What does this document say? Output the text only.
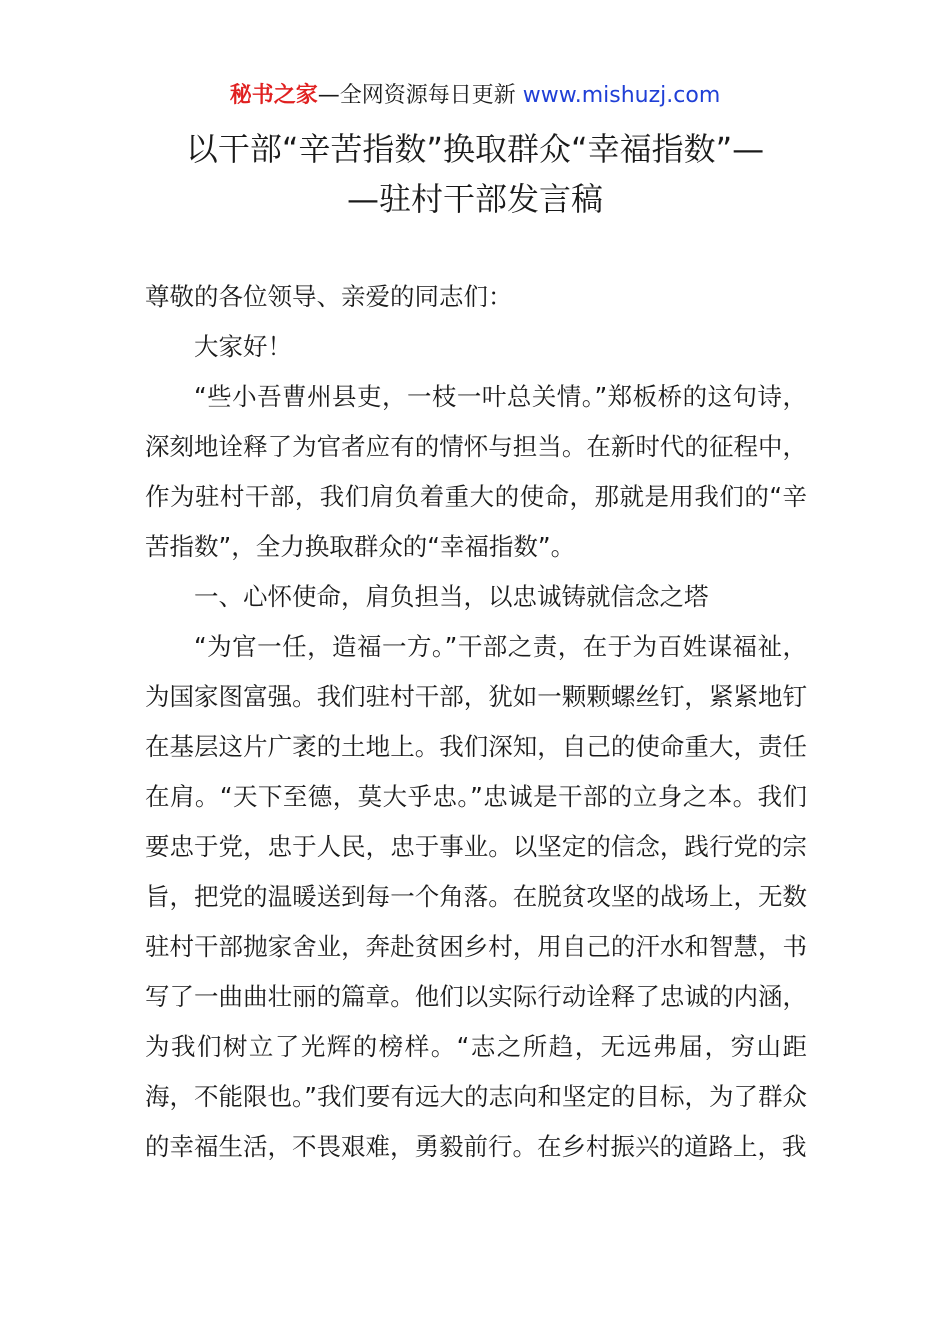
秘书之家—全网资源每日更新 www.mishuzj.com
以干部“辛苦指数”换取群众“幸福指数”—
—驻村干部发言稿

尊敬的各位领导、亲爱的同志们：

大家好！

“些小吾曹州县吏，一枝一叶总关情。”郑板桥的这句诗，深刻地诠释了为官者应有的情怀与担当。在新时代的征程中，作为驻村干部，我们肩负着重大的使命，那就是用我们的“辛苦指数”，全力换取群众的“幸福指数”。

一、心怀使命，肩负担当，以忠诚铸就信念之塔

“为官一任，造福一方。”干部之责，在于为百姓谋福祉，为国家图富强。我们驻村干部，犹如一颗颗螺丝钉，紧紧地钉在基层这片广袤的土地上。我们深知，自己的使命重大，责任在肩。“天下至德，莫大乎忠。”忠诚是干部的立身之本。我们要忠于党，忠于人民，忠于事业。以坚定的信念，践行党的宗旨，把党的温暖送到每一个角落。在脱贫攻坚的战场上，无数驻村干部抛家舍业，奔赴贫困乡村，用自己的汗水和智慧，书写了一曲曲壮丽的篇章。他们以实际行动诠释了忠诚的内涵，为我们树立了光辉的榜样。“志之所趋，无远弗届，穷山距海，不能限也。”我们要有远大的志向和坚定的目标，为了群众的幸福生活，不畏艰难，勇毅前行。在乡村振兴的道路上，我
